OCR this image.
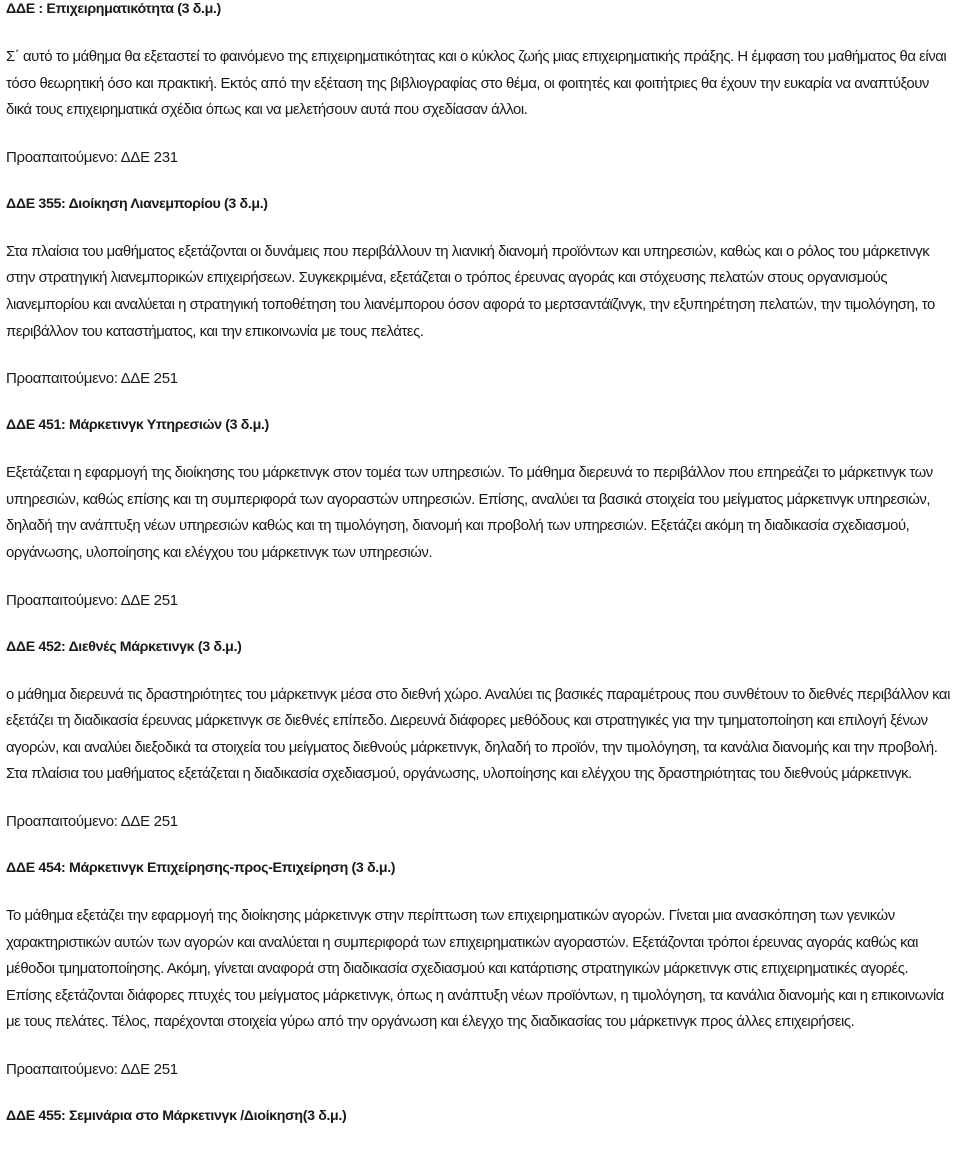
ΔΔΕ : Επιχειρηματικότητα (3 δ.μ.)

Σ΄ αυτό το μάθημα θα εξεταστεί το φαινόμενο της επιχειρηματικότητας και ο κύκλος ζωής μιας επιχειρηματικής πράξης. Η έμφαση του μαθήματος θα είναι τόσο θεωρητική όσο και πρακτική. Εκτός από την εξέταση της βιβλιογραφίας στο θέμα, οι φοιτητές και φοιτήτριες θα έχουν την ευκαρία να αναπτύξουν δικά τους επιχειρηματικά σχέδια όπως και να μελετήσουν αυτά που σχεδίασαν άλλοι.

Προαπαιτούμενο: ΔΔΕ 231

ΔΔΕ 355: Διοίκηση Λιανεμπορίου (3 δ.μ.)

Στα πλαίσια του μαθήματος εξετάζονται οι δυνάμεις που περιβάλλουν τη λιανική διανομή προϊόντων και υπηρεσιών, καθώς και ο ρόλος του μάρκετινγκ στην στρατηγική λιανεμπορικών επιχειρήσεων. Συγκεκριμένα, εξετάζεται ο τρόπος έρευνας αγοράς και στόχευσης πελατών στους οργανισμούς λιανεμπορίου και αναλύεται η στρατηγική τοποθέτηση του λιανέμπορου όσον αφορά το μερτσαντάϊζινγκ, την εξυπηρέτηση πελατών, την τιμολόγηση, το περιβάλλον του καταστήματος, και την επικοινωνία με τους πελάτες.

Προαπαιτούμενο: ΔΔΕ 251

ΔΔΕ 451: Μάρκετινγκ Υπηρεσιών (3 δ.μ.)

Εξετάζεται η εφαρμογή της διοίκησης του μάρκετινγκ στον τομέα των υπηρεσιών. Το μάθημα διερευνά το περιβάλλον που επηρεάζει το μάρκετινγκ των υπηρεσιών, καθώς επίσης και τη συμπεριφορά των αγοραστών υπηρεσιών. Επίσης, αναλύει τα βασικά στοιχεία του μείγματος μάρκετινγκ υπηρεσιών, δηλαδή την ανάπτυξη νέων υπηρεσιών καθώς και τη τιμολόγηση, διανομή και προβολή των υπηρεσιών. Εξετάζει ακόμη τη διαδικασία σχεδιασμού, οργάνωσης, υλοποίησης και ελέγχου του μάρκετινγκ των υπηρεσιών.

Προαπαιτούμενο: ΔΔΕ 251

ΔΔΕ 452: Διεθνές Μάρκετινγκ (3 δ.μ.)

ο μάθημα διερευνά τις δραστηριότητες του μάρκετινγκ μέσα στο διεθνή χώρο. Αναλύει τις βασικές παραμέτρους που συνθέτουν το διεθνές περιβάλλον και εξετάζει τη διαδικασία έρευνας μάρκετινγκ σε διεθνές επίπεδο. Διερευνά διάφορες μεθόδους και στρατηγικές για την τμηματοποίηση και επιλογή ξένων αγορών, και αναλύει διεξοδικά τα στοιχεία του μείγματος διεθνούς μάρκετινγκ, δηλαδή το προϊόν, την τιμολόγηση, τα κανάλια διανομής και την προβολή. Στα πλαίσια του μαθήματος εξετάζεται η διαδικασία σχεδιασμού, οργάνωσης, υλοποίησης και ελέγχου της δραστηριότητας του διεθνούς μάρκετινγκ.

Προαπαιτούμενο: ΔΔΕ 251

ΔΔΕ 454: Μάρκετινγκ Επιχείρησης-προς-Επιχείρηση (3 δ.μ.)

Το μάθημα εξετάζει την εφαρμογή της διοίκησης μάρκετινγκ στην περίπτωση των επιχειρηματικών αγορών. Γίνεται μια ανασκόπηση των γενικών χαρακτηριστικών αυτών των αγορών και αναλύεται η συμπεριφορά των επιχειρηματικών αγοραστών. Εξετάζονται τρόποι έρευνας αγοράς καθώς και μέθοδοι τμηματοποίησης. Ακόμη, γίνεται αναφορά στη διαδικασία σχεδιασμού και κατάρτισης στρατηγικών μάρκετινγκ στις επιχειρηματικές αγορές. Επίσης εξετάζονται διάφορες πτυχές του μείγματος μάρκετινγκ, όπως η ανάπτυξη νέων προϊόντων, η τιμολόγηση, τα κανάλια διανομής και η επικοινωνία με τους πελάτες. Τέλος, παρέχονται στοιχεία γύρω από την οργάνωση και έλεγχο της διαδικασίας του μάρκετινγκ προς άλλες επιχειρήσεις.

Προαπαιτούμενο: ΔΔΕ 251

ΔΔΕ 455: Σεμινάρια στο Μάρκετινγκ /Διοίκηση(3 δ.μ.)
